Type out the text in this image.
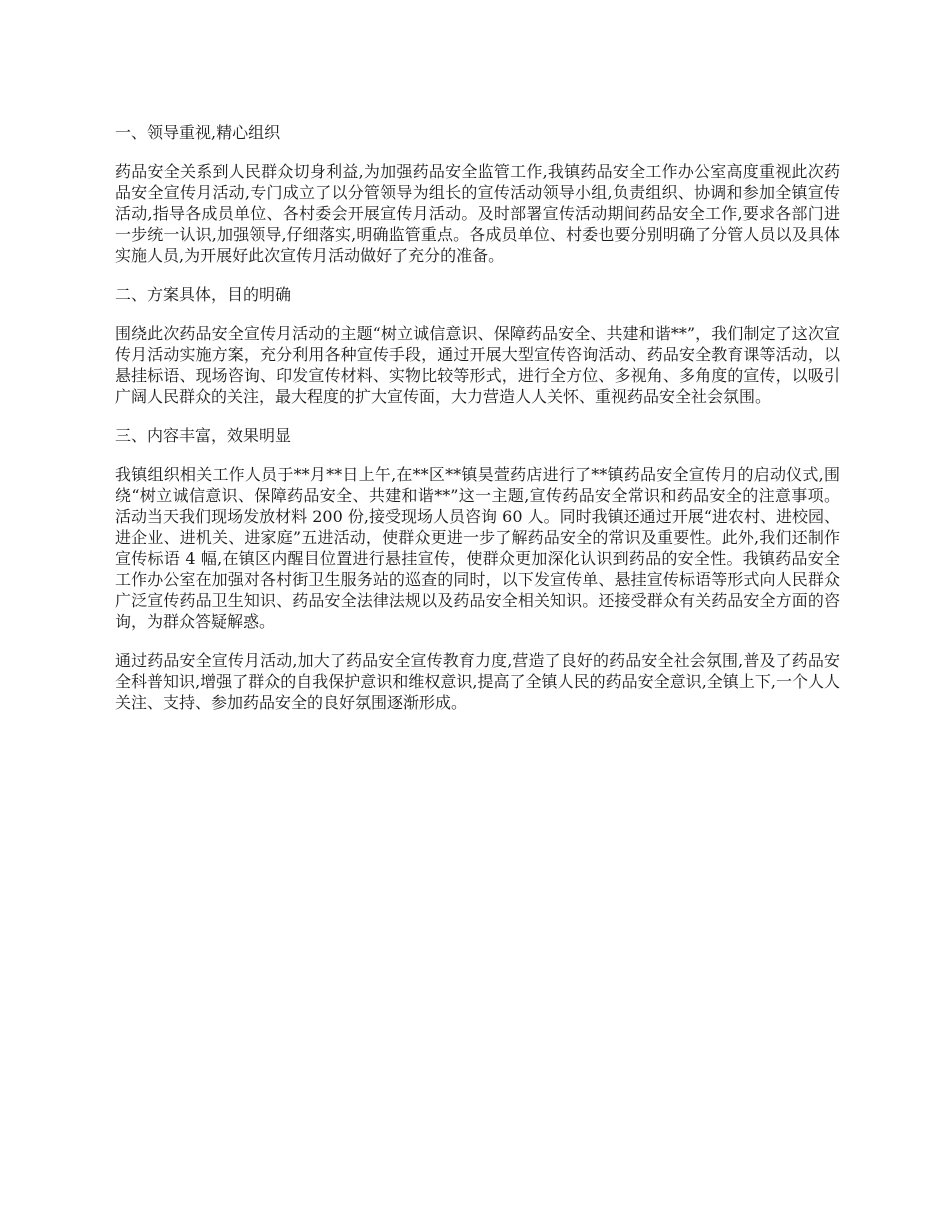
一、领导重视,精心组织

药品安全关系到人民群众切身利益,为加强药品安全监管工作,我镇药品安全工作办公室高度重视此次药品安全宣传月活动,专门成立了以分管领导为组长的宣传活动领导小组,负责组织、协调和参加全镇宣传活动,指导各成员单位、各村委会开展宣传月活动。及时部署宣传活动期间药品安全工作,要求各部门进一步统一认识,加强领导,仔细落实,明确监管重点。各成员单位、村委也要分别明确了分管人员以及具体实施人员,为开展好此次宣传月活动做好了充分的准备。

二、方案具体，目的明确

围绕此次药品安全宣传月活动的主题“树立诚信意识、保障药品安全、共建和谐**”，我们制定了这次宣传月活动实施方案，充分利用各种宣传手段，通过开展大型宣传咨询活动、药品安全教育课等活动，以悬挂标语、现场咨询、印发宣传材料、实物比较等形式，进行全方位、多视角、多角度的宣传，以吸引广阔人民群众的关注，最大程度的扩大宣传面，大力营造人人关怀、重视药品安全社会氛围。

三、内容丰富，效果明显

我镇组织相关工作人员于**月**日上午,在**区**镇昊萱药店进行了**镇药品安全宣传月的启动仪式,围绕“树立诚信意识、保障药品安全、共建和谐**”这一主题,宣传药品安全常识和药品安全的注意事项。活动当天我们现场发放材料 200 份,接受现场人员咨询 60 人。同时我镇还通过开展“进农村、进校园、进企业、进机关、进家庭”五进活动，使群众更进一步了解药品安全的常识及重要性。此外,我们还制作宣传标语 4 幅,在镇区内醒目位置进行悬挂宣传，使群众更加深化认识到药品的安全性。我镇药品安全工作办公室在加强对各村街卫生服务站的巡查的同时，以下发宣传单、悬挂宣传标语等形式向人民群众广泛宣传药品卫生知识、药品安全法律法规以及药品安全相关知识。还接受群众有关药品安全方面的咨询，为群众答疑解惑。

通过药品安全宣传月活动,加大了药品安全宣传教育力度,营造了良好的药品安全社会氛围,普及了药品安全科普知识,增强了群众的自我保护意识和维权意识,提高了全镇人民的药品安全意识,全镇上下,一个人人关注、支持、参加药品安全的良好氛围逐渐形成。
